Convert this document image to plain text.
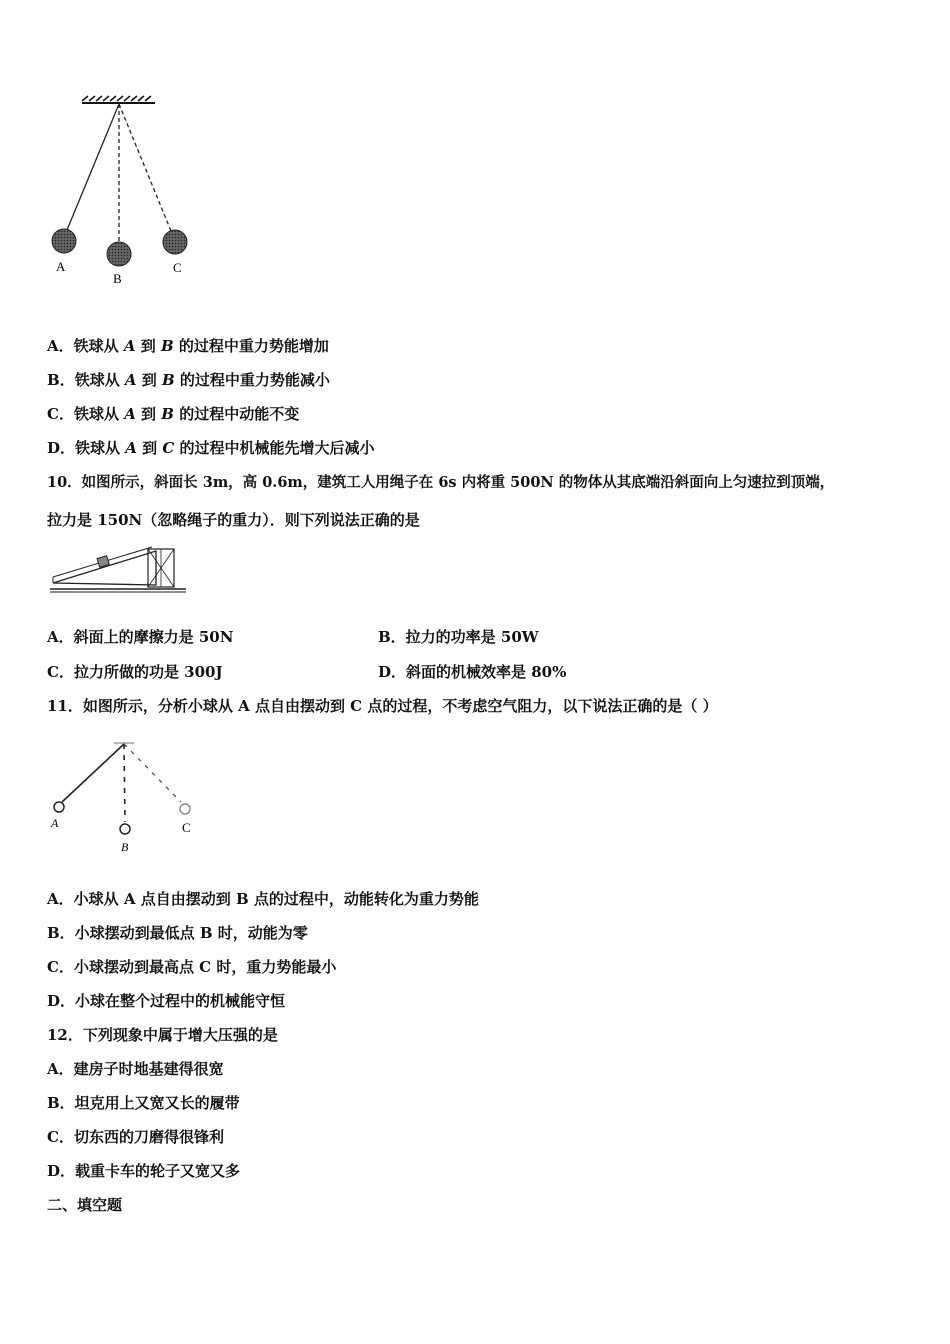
A
B
C
A．铁球从 A 到 B 的过程中重力势能增加
B．铁球从 A 到 B 的过程中重力势能减小
C．铁球从 A 到 B 的过程中动能不变
D．铁球从 A 到 C 的过程中机械能先增大后减小
10．如图所示，斜面长 3m，高 0.6m，建筑工人用绳子在 6s 内将重 500N 的物体从其底端沿斜面向上匀速拉到顶端，
拉力是 150N（忽略绳子的重力）．则下列说法正确的是
A．斜面上的摩擦力是 50N	B．拉力的功率是 50W
C．拉力所做的功是 300J	D．斜面的机械效率是 80%
11．如图所示，分析小球从 A 点自由摆动到 C 点的过程，不考虑空气阻力，以下说法正确的是（ ）
A
B
C
A．小球从 A 点自由摆动到 B 点的过程中，动能转化为重力势能
B．小球摆动到最低点 B 时，动能为零
C．小球摆动到最高点 C 时，重力势能最小
D．小球在整个过程中的机械能守恒
12．下列现象中属于增大压强的是
A．建房子时地基建得很宽
B．坦克用上又宽又长的履带
C．切东西的刀磨得很锋利
D．载重卡车的轮子又宽又多
二、填空题
